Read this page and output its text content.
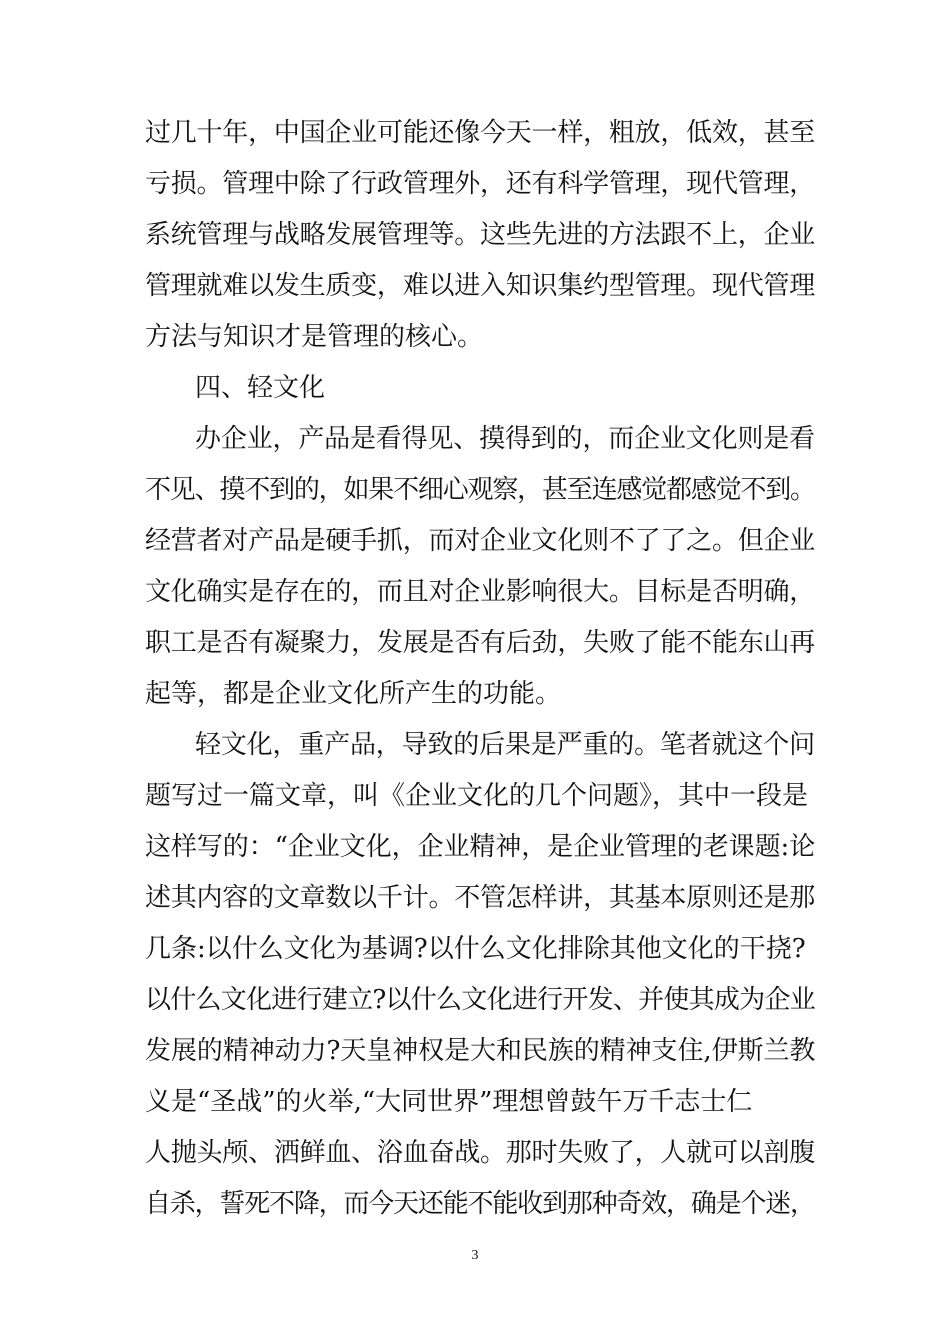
过几十年，中国企业可能还像今天一样，粗放，低效，甚至
亏损。管理中除了行政管理外，还有科学管理，现代管理，
系统管理与战略发展管理等。这些先进的方法跟不上，企业
管理就难以发生质变，难以进入知识集约型管理。现代管理
方法与知识才是管理的核心。
四、轻文化
办企业，产品是看得见、摸得到的，而企业文化则是看
不见、摸不到的，如果不细心观察，甚至连感觉都感觉不到。
经营者对产品是硬手抓，而对企业文化则不了了之。但企业
文化确实是存在的，而且对企业影响很大。目标是否明确，
职工是否有凝聚力，发展是否有后劲，失败了能不能东山再
起等，都是企业文化所产生的功能。
轻文化，重产品，导致的后果是严重的。笔者就这个问
题写过一篇文章，叫《企业文化的几个问题》，其中一段是
这样写的：“企业文化，企业精神，是企业管理的老课题:论
述其内容的文章数以千计。不管怎样讲，其基本原则还是那
几条:以什么文化为基调?以什么文化排除其他文化的干挠?
以什么文化进行建立?以什么文化进行开发、并使其成为企业
发展的精神动力?天皇神权是大和民族的精神支住,伊斯兰教
义是“圣战”的火举,“大同世界”理想曾鼓午万千志士仁
人抛头颅、洒鲜血、浴血奋战。那时失败了，人就可以剖腹
自杀，誓死不降，而今天还能不能收到那种奇效，确是个迷，
3
